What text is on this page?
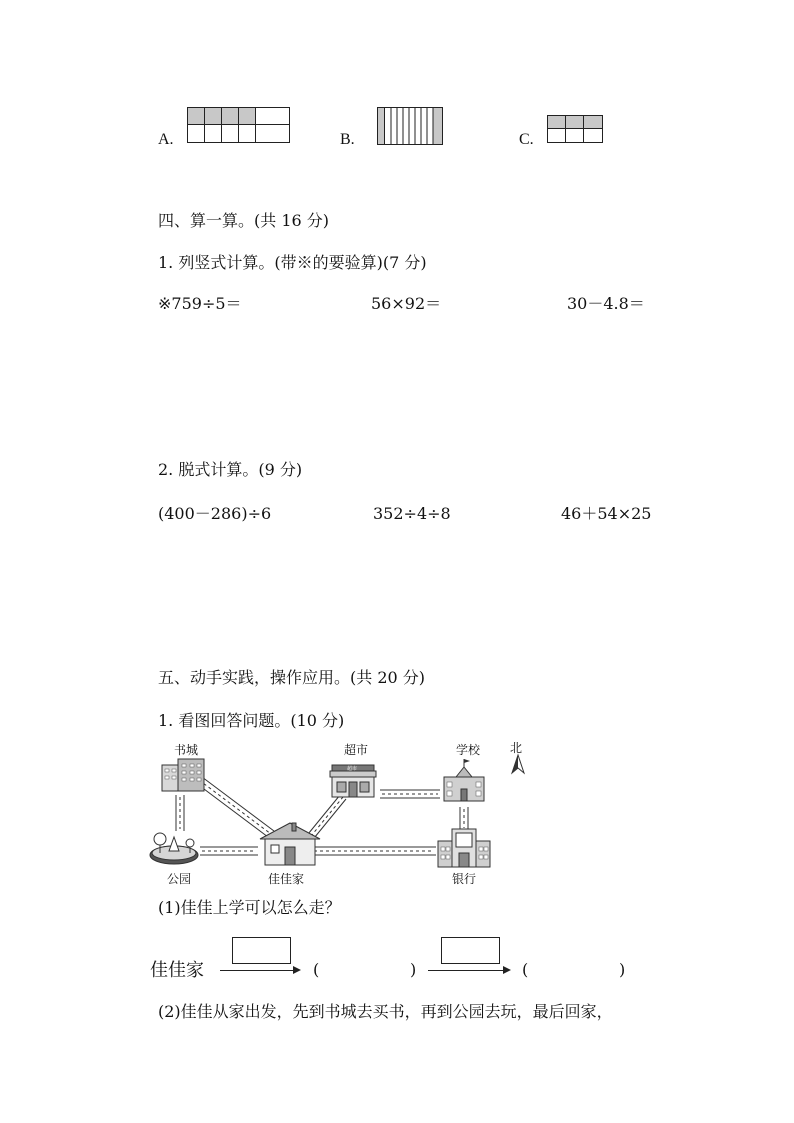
A.	B.	C.
四、算一算。(共 16 分)
1. 列竖式计算。(带※的要验算)(7 分)
※759÷5＝	56×92＝	30－4.8＝
2. 脱式计算。(9 分)
(400－286)÷6	352÷4÷8	46＋54×25
五、动手实践，操作应用。(共 20 分)
1. 看图回答问题。(10 分)
书城	超市
超市
学校 北
公园	佳佳家	银行
(1)佳佳上学可以怎么走？
佳佳家	(	)	(	)
(2)佳佳从家出发，先到书城去买书，再到公园去玩，最后回家，
